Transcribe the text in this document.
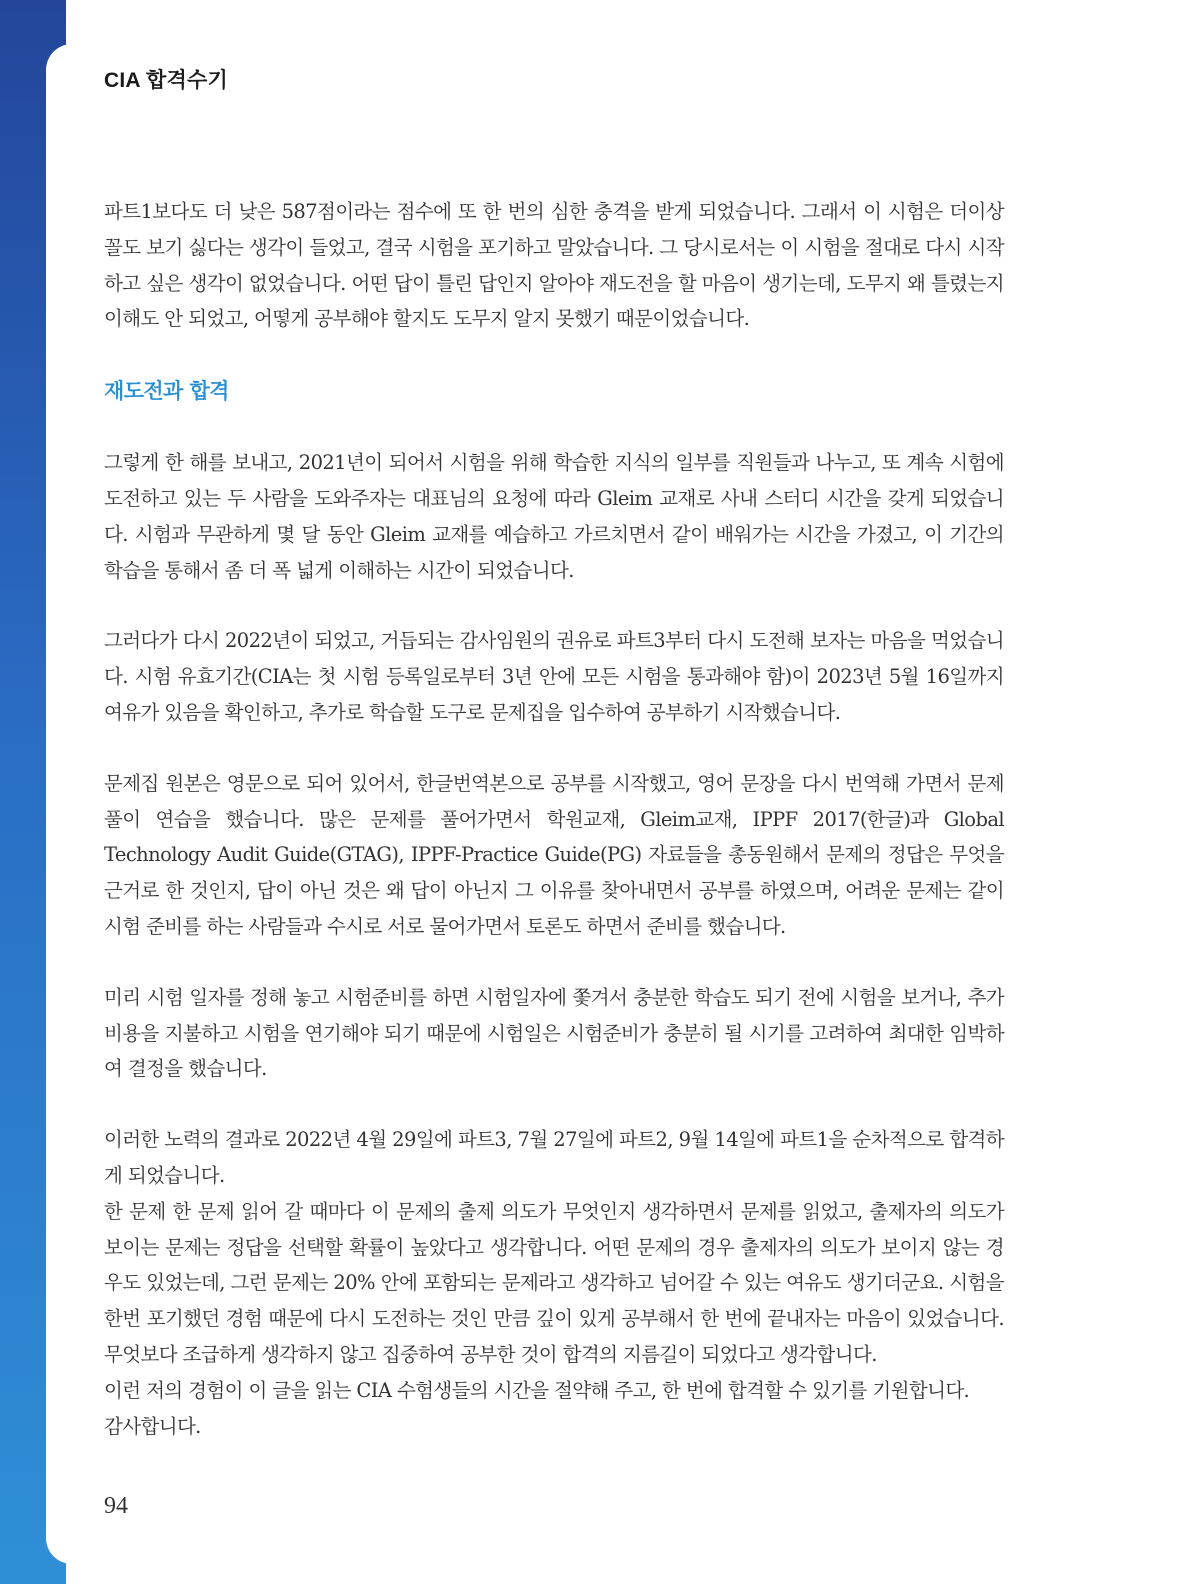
CIA 합격수기

파트1보다도 더 낮은 587점이라는 점수에 또 한 번의 심한 충격을 받게 되었습니다. 그래서 이 시험은 더이상 꼴도 보기 싫다는 생각이 들었고, 결국 시험을 포기하고 말았습니다. 그 당시로서는 이 시험을 절대로 다시 시작하고 싶은 생각이 없었습니다. 어떤 답이 틀린 답인지 알아야 재도전을 할 마음이 생기는데, 도무지 왜 틀렸는지 이해도 안 되었고, 어떻게 공부해야 할지도 도무지 알지 못했기 때문이었습니다.

재도전과 합격

그렇게 한 해를 보내고, 2021년이 되어서 시험을 위해 학습한 지식의 일부를 직원들과 나누고, 또 계속 시험에 도전하고 있는 두 사람을 도와주자는 대표님의 요청에 따라 Gleim 교재로 사내 스터디 시간을 갖게 되었습니다. 시험과 무관하게 몇 달 동안 Gleim 교재를 예습하고 가르치면서 같이 배워가는 시간을 가졌고, 이 기간의 학습을 통해서 좀 더 폭 넓게 이해하는 시간이 되었습니다.

그러다가 다시 2022년이 되었고, 거듭되는 감사임원의 권유로 파트3부터 다시 도전해 보자는 마음을 먹었습니다. 시험 유효기간(CIA는 첫 시험 등록일로부터 3년 안에 모든 시험을 통과해야 함)이 2023년 5월 16일까지 여유가 있음을 확인하고, 추가로 학습할 도구로 문제집을 입수하여 공부하기 시작했습니다.

문제집 원본은 영문으로 되어 있어서, 한글번역본으로 공부를 시작했고, 영어 문장을 다시 번역해 가면서 문제풀이 연습을 했습니다. 많은 문제를 풀어가면서 학원교재, Gleim교재, IPPF 2017(한글)과 Global Technology Audit Guide(GTAG), IPPF-Practice Guide(PG) 자료들을 총동원해서 문제의 정답은 무엇을 근거로 한 것인지, 답이 아닌 것은 왜 답이 아닌지 그 이유를 찾아내면서 공부를 하였으며, 어려운 문제는 같이 시험 준비를 하는 사람들과 수시로 서로 물어가면서 토론도 하면서 준비를 했습니다.

미리 시험 일자를 정해 놓고 시험준비를 하면 시험일자에 쫓겨서 충분한 학습도 되기 전에 시험을 보거나, 추가 비용을 지불하고 시험을 연기해야 되기 때문에 시험일은 시험준비가 충분히 될 시기를 고려하여 최대한 임박하여 결정을 했습니다.

이러한 노력의 결과로 2022년 4월 29일에 파트3, 7월 27일에 파트2, 9월 14일에 파트1을 순차적으로 합격하게 되었습니다.

한 문제 한 문제 읽어 갈 때마다 이 문제의 출제 의도가 무엇인지 생각하면서 문제를 읽었고, 출제자의 의도가 보이는 문제는 정답을 선택할 확률이 높았다고 생각합니다. 어떤 문제의 경우 출제자의 의도가 보이지 않는 경우도 있었는데, 그런 문제는 20% 안에 포함되는 문제라고 생각하고 넘어갈 수 있는 여유도 생기더군요. 시험을 한번 포기했던 경험 때문에 다시 도전하는 것인 만큼 깊이 있게 공부해서 한 번에 끝내자는 마음이 있었습니다. 무엇보다 조급하게 생각하지 않고 집중하여 공부한 것이 합격의 지름길이 되었다고 생각합니다.

이런 저의 경험이 이 글을 읽는 CIA 수험생들의 시간을 절약해 주고, 한 번에 합격할 수 있기를 기원합니다.

감사합니다.

94
